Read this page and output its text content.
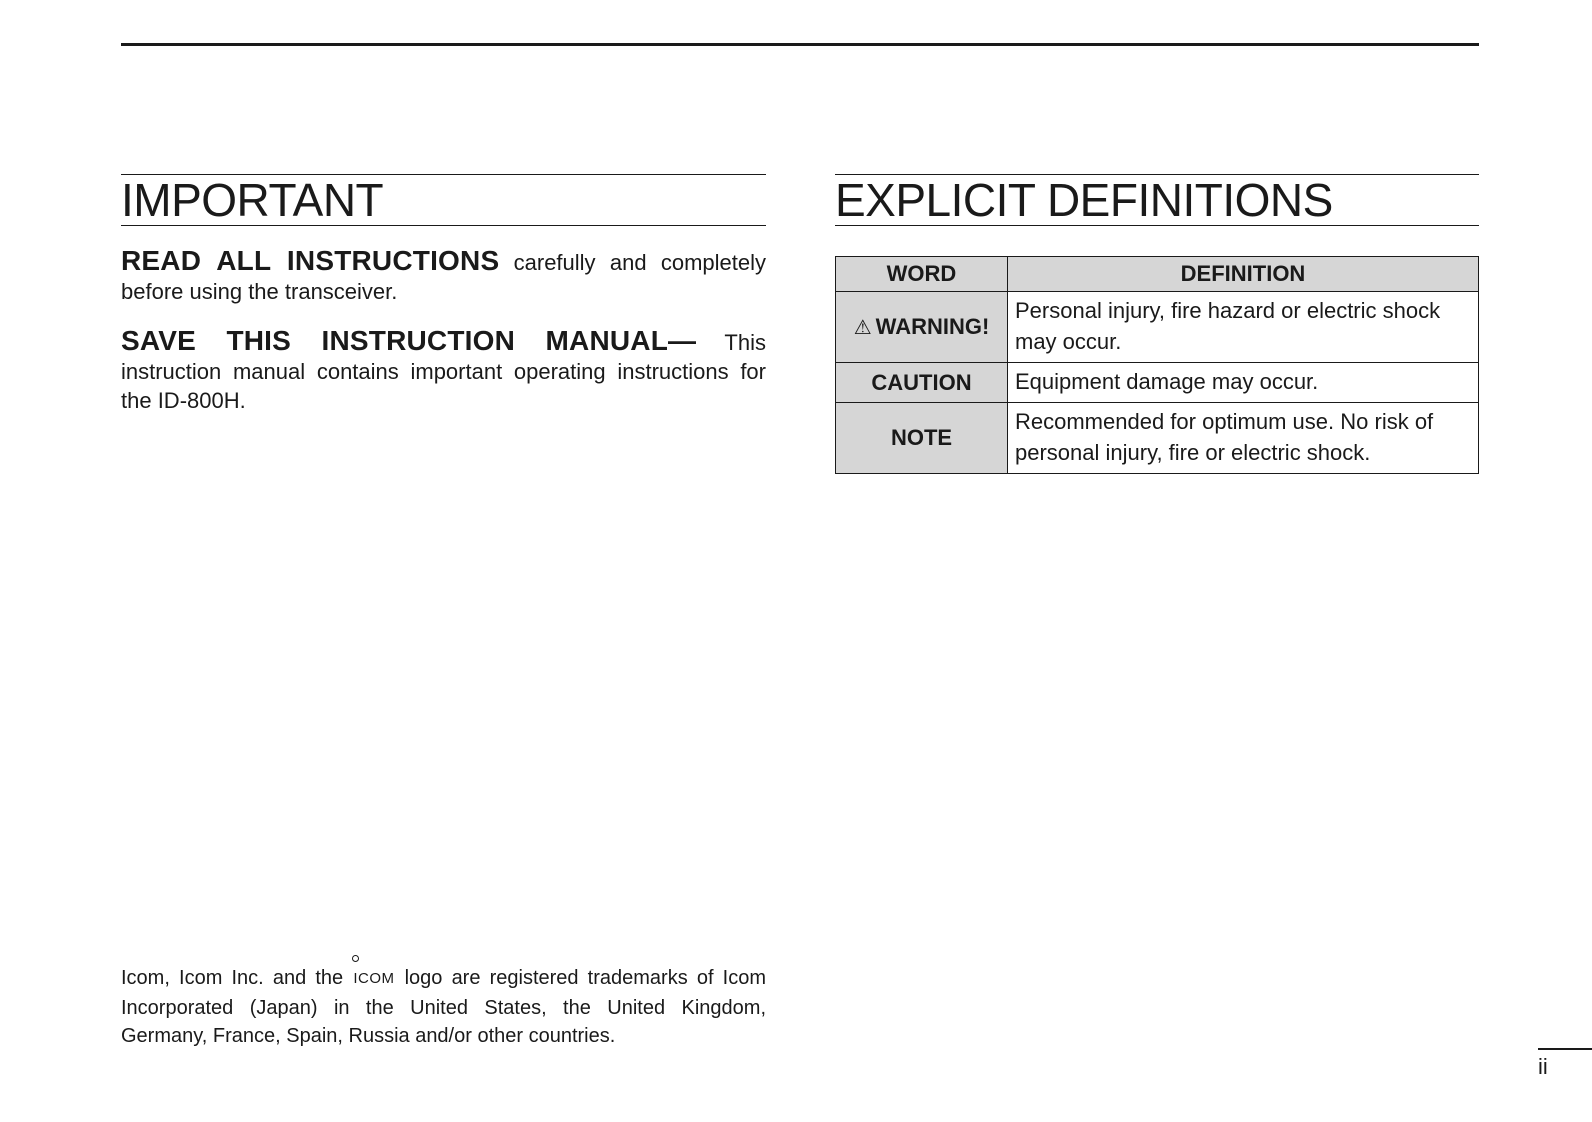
IMPORTANT

READ ALL INSTRUCTIONS carefully and completely before using the transceiver.

SAVE THIS INSTRUCTION MANUAL— This instruction manual contains important operating instructions for the ID-800H.

EXPLICIT DEFINITIONS
WORD	DEFINITION
⚠ WARNING!	Personal injury, fire hazard or electric shock may occur.
CAUTION	Equipment damage may occur.
NOTE	Recommended for optimum use. No risk of personal injury, fire or electric shock.

Icom, Icom Inc. and the
ICOM logo are registered trademarks of Icom Incorporated (Japan) in the United States, the United Kingdom, Germany, France, Spain, Russia and/or other countries.

ii
